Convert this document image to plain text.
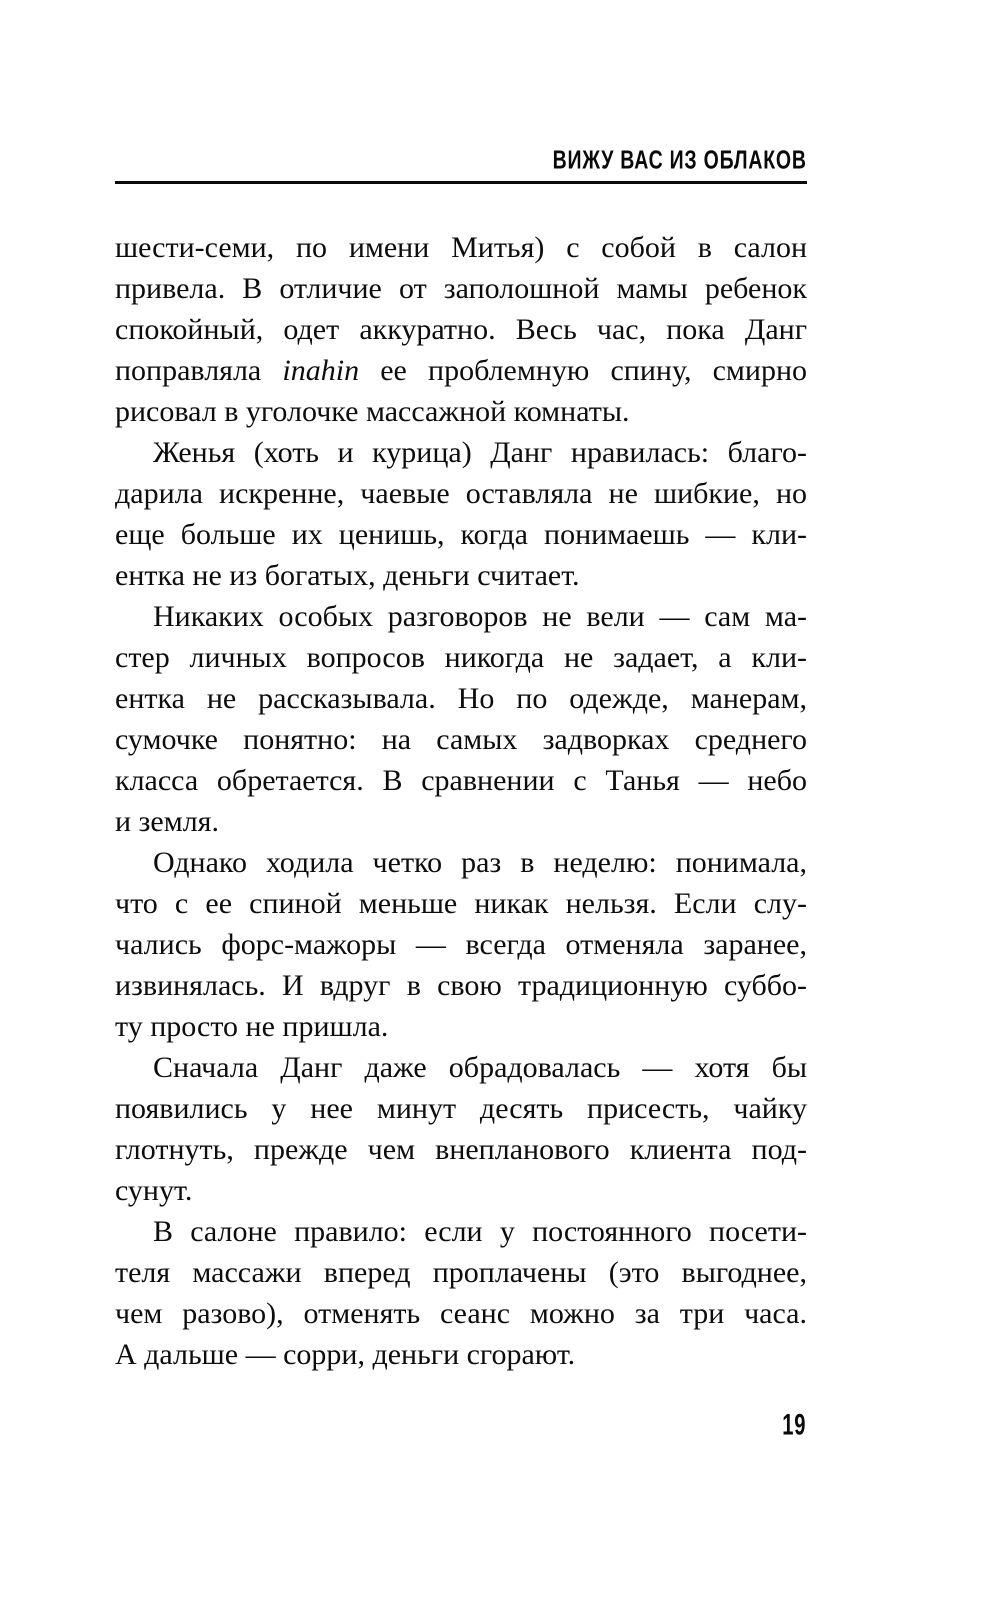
ВИЖУ ВАС ИЗ ОБЛАКОВ
шести-семи, по имени Митья) с собой в салон
привела. В отличие от заполошной мамы ребенок
спокойный, одет аккуратно. Весь час, пока Данг
поправляла inahin ее проблемную спину, смирно
рисовал в уголочке массажной комнаты.
Женья (хоть и курица) Данг нравилась: благо-
дарила искренне, чаевые оставляла не шибкие, но
еще больше их ценишь, когда понимаешь — кли-
ентка не из богатых, деньги считает.
Никаких особых разговоров не вели — сам ма-
стер личных вопросов никогда не задает, а кли-
ентка не рассказывала. Но по одежде, манерам,
сумочке понятно: на самых задворках среднего
класса обретается. В сравнении с Танья — небо
и земля.
Однако ходила четко раз в неделю: понимала,
что с ее спиной меньше никак нельзя. Если слу-
чались форс-мажоры — всегда отменяла заранее,
извинялась. И вдруг в свою традиционную суббо-
ту просто не пришла.
Сначала Данг даже обрадовалась — хотя бы
появились у нее минут десять присесть, чайку
глотнуть, прежде чем внепланового клиента под-
сунут.
В салоне правило: если у постоянного посети-
теля массажи вперед проплачены (это выгоднее,
чем разово), отменять сеанс можно за три часа.
А дальше — сорри, деньги сгорают.
19
